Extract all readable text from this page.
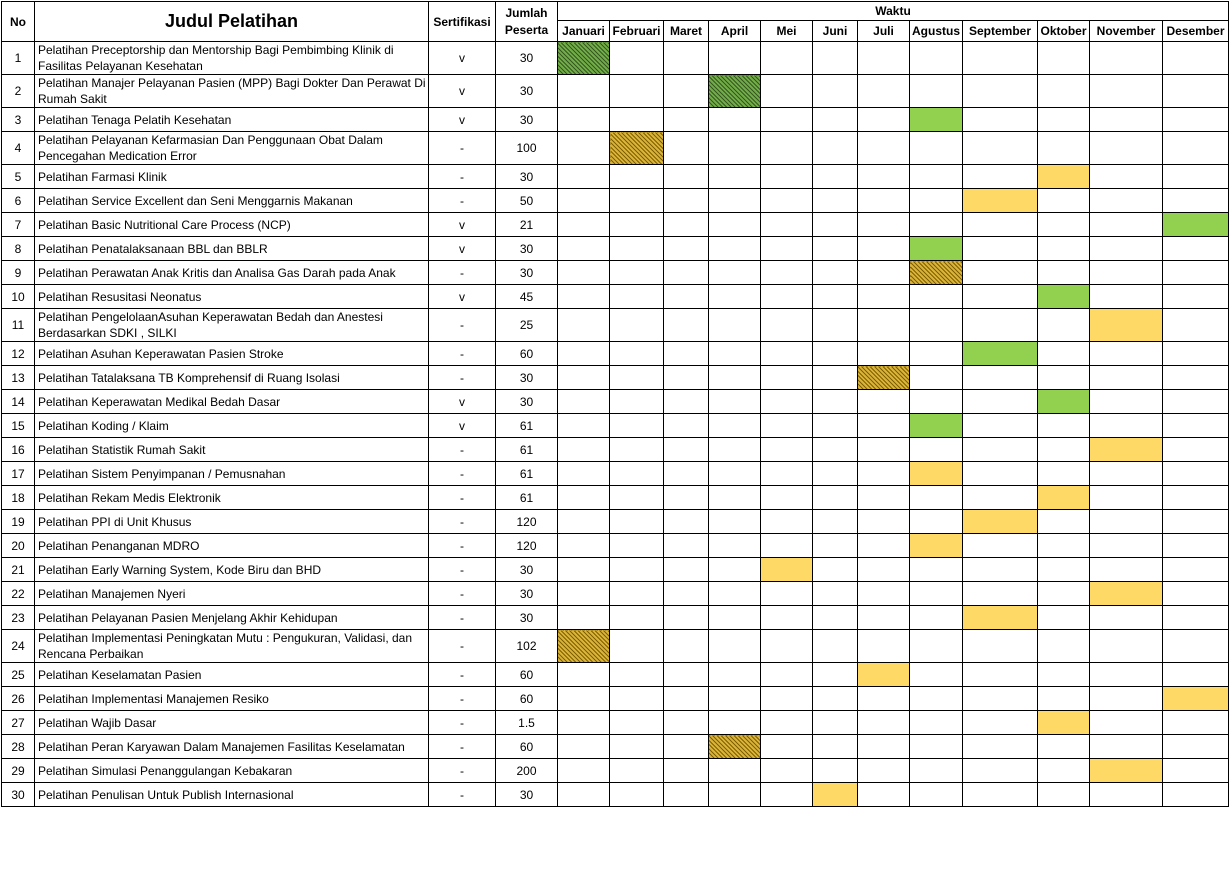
No	Judul Pelatihan	Sertifikasi	Jumlah Peserta	Waktu											
				Januari	Februari	Maret	April	Mei	Juni	Juli	Agustus	September	Oktober	November	Desember
1	Pelatihan Preceptorship dan Mentorship Bagi Pembimbing Klinik di Fasilitas Pelayanan Kesehatan	v	30												
2	Pelatihan Manajer Pelayanan Pasien (MPP) Bagi Dokter Dan Perawat Di Rumah Sakit	v	30												
3	Pelatihan Tenaga Pelatih Kesehatan	v	30												
4	Pelatihan Pelayanan Kefarmasian Dan Penggunaan Obat Dalam Pencegahan Medication Error	-	100												
5	Pelatihan Farmasi Klinik	-	30												
6	Pelatihan Service Excellent dan Seni Menggarnis Makanan	-	50												
7	Pelatihan Basic Nutritional Care Process (NCP)	v	21												
8	Pelatihan Penatalaksanaan BBL dan BBLR	v	30												
9	Pelatihan Perawatan Anak Kritis dan Analisa Gas Darah pada Anak	-	30												
10	Pelatihan Resusitasi Neonatus	v	45												
11	Pelatihan PengelolaanAsuhan Keperawatan Bedah dan Anestesi Berdasarkan SDKI , SILKI	-	25												
12	Pelatihan Asuhan Keperawatan Pasien Stroke	-	60												
13	Pelatihan Tatalaksana TB Komprehensif di Ruang Isolasi	-	30												
14	Pelatihan Keperawatan Medikal Bedah Dasar	v	30												
15	Pelatihan Koding / Klaim	v	61												
16	Pelatihan Statistik Rumah Sakit	-	61												
17	Pelatihan Sistem Penyimpanan / Pemusnahan	-	61												
18	Pelatihan Rekam Medis Elektronik	-	61												
19	Pelatihan PPI di Unit Khusus	-	120												
20	Pelatihan Penanganan MDRO	-	120												
21	Pelatihan Early Warning System, Kode Biru dan BHD	-	30												
22	Pelatihan Manajemen Nyeri	-	30												
23	Pelatihan Pelayanan Pasien Menjelang Akhir Kehidupan	-	30												
24	Pelatihan Implementasi Peningkatan Mutu : Pengukuran, Validasi, dan Rencana Perbaikan	-	102												
25	Pelatihan Keselamatan Pasien	-	60												
26	Pelatihan Implementasi Manajemen Resiko	-	60												
27	Pelatihan Wajib Dasar	-	1.5												
28	Pelatihan Peran Karyawan Dalam Manajemen Fasilitas Keselamatan	-	60												
29	Pelatihan Simulasi Penanggulangan Kebakaran	-	200												
30	Pelatihan Penulisan Untuk Publish Internasional	-	30												
